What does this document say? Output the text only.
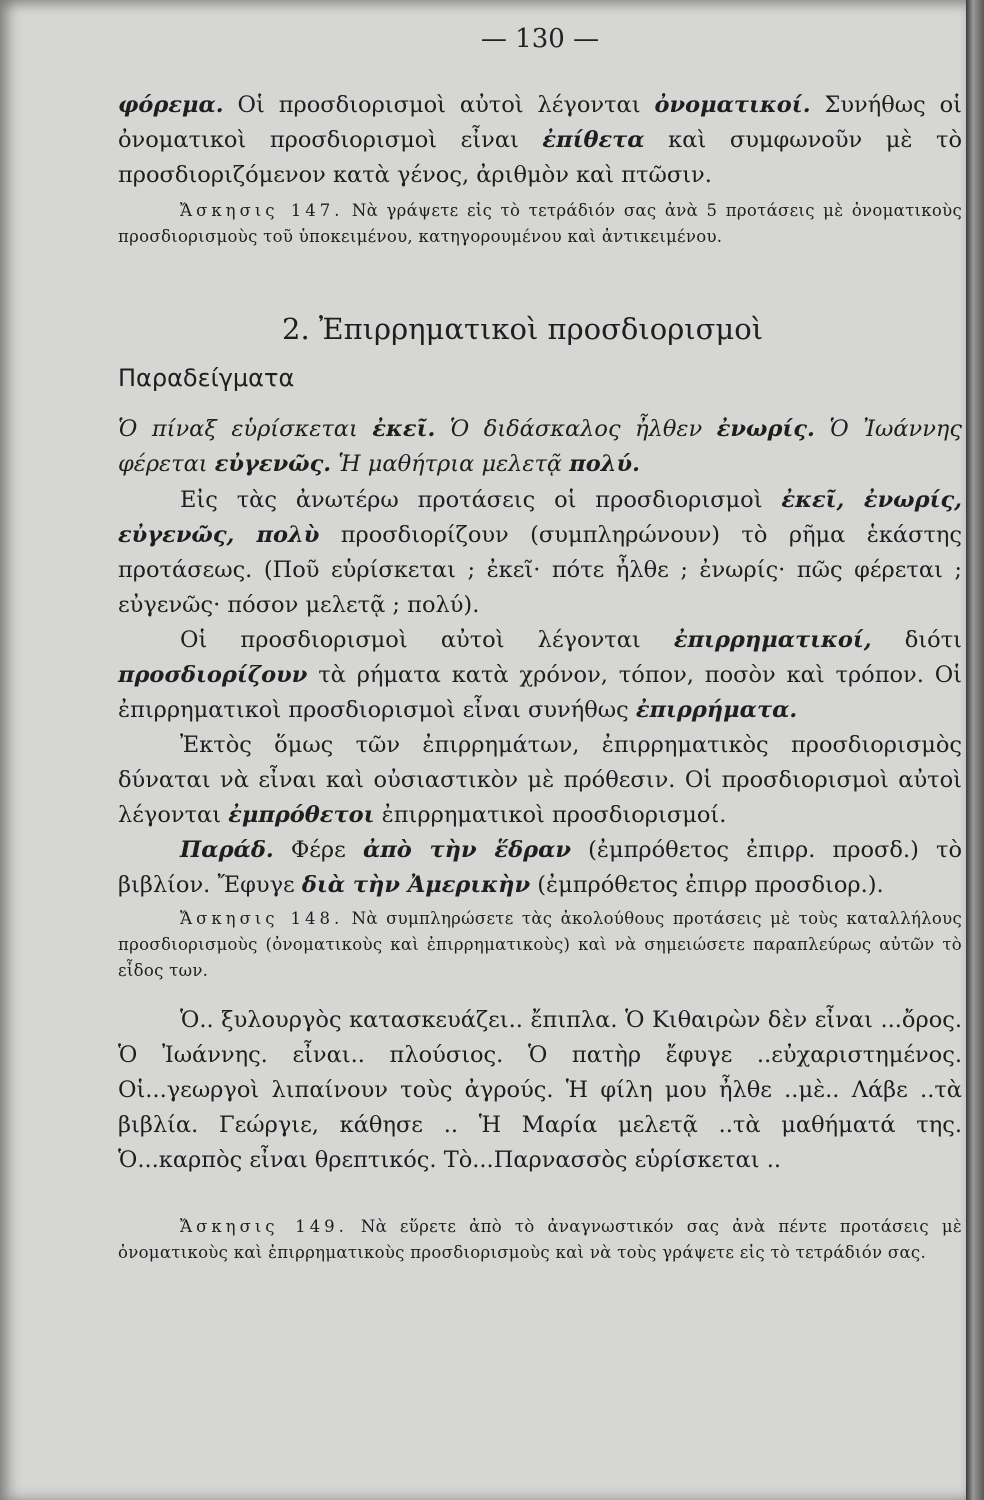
— 130 —

φόρεμα. Οἱ προσδιορισμοὶ αὐτοὶ λέγονται ὀνοματικοί. Συνήθως οἱ ὀνοματικοὶ προσδιορισμοὶ εἶναι ἐπίθετα καὶ συμφωνοῦν μὲ τὸ προσδιοριζόμενον κατὰ γένος, ἀριθμὸν καὶ πτῶσιν.

Ἄσκησις 147. Νὰ γράψετε εἰς τὸ τετράδιόν σας ἀνὰ 5 προτάσεις μὲ ὀνοματικοὺς προσδιορισμοὺς τοῦ ὑποκειμένου, κατηγορουμένου καὶ ἀντικειμένου.

2. Ἐπιρρηματικοὶ προσδιορισμοὶ
Παραδείγματα

Ὁ πίναξ εὑρίσκεται ἐκεῖ. Ὁ διδάσκαλος ἦλθεν ἐνωρίς. Ὁ Ἰωάννης φέρεται εὐγενῶς. Ἡ μαθήτρια μελετᾷ πολύ.

Εἰς τὰς ἀνωτέρω προτάσεις οἱ προσδιορισμοὶ ἐκεῖ, ἐνωρίς, εὐγενῶς, πολὺ προσδιορίζουν (συμπληρώνουν) τὸ ρῆμα ἑκάστης προτάσεως. (Ποῦ εὑρίσκεται ; ἐκεῖ· πότε ἦλθε ; ἐνωρίς· πῶς φέρεται ; εὐγενῶς· πόσον μελετᾷ ; πολύ).

Οἱ προσδιορισμοὶ αὐτοὶ λέγονται ἐπιρρηματικοί, διότι προσδιορίζουν τὰ ρήματα κατὰ χρόνον, τόπον, ποσὸν καὶ τρόπον. Οἱ ἐπιρρηματικοὶ προσδιορισμοὶ εἶναι συνήθως ἐπιρρήματα.

Ἐκτὸς ὅμως τῶν ἐπιρρημάτων, ἐπιρρηματικὸς προσδιορισμὸς δύναται νὰ εἶναι καὶ οὐσιαστικὸν μὲ πρόθεσιν. Οἱ προσδιορισμοὶ αὐτοὶ λέγονται ἐμπρόθετοι ἐπιρρηματικοὶ προσδιορισμοί.

Παράδ. Φέρε ἀπὸ τὴν ἕδραν (ἐμπρόθετος ἐπιρρ. προσδ.) τὸ βιβλίον. Ἔφυγε διὰ τὴν Ἀμερικὴν (ἐμπρόθετος ἐπιρρ προσδιορ.).

Ἄσκησις 148. Νὰ συμπληρώσετε τὰς ἀκολούθους προτάσεις μὲ τοὺς καταλλήλους προσδιορισμοὺς (ὀνοματικοὺς καὶ ἐπιρρηματικοὺς) καὶ νὰ σημειώσετε παραπλεύρως αὐτῶν τὸ εἶδος των.

Ὁ.. ξυλουργὸς κατασκευάζει.. ἔπιπλα. Ὁ Κιθαιρὼν δὲν εἶναι ...ὄρος. Ὁ Ἰωάννης. εἶναι.. πλούσιος. Ὁ πατὴρ ἔφυγε ..εὐχαριστημένος. Οἱ...γεωργοὶ λιπαίνουν τοὺς ἀγρούς. Ἡ φίλη μου ἦλθε ..μὲ.. Λάβε ..τὰ βιβλία. Γεώργιε, κάθησε .. Ἡ Μαρία μελετᾷ ..τὰ μαθήματά της. Ὁ...καρπὸς εἶναι θρεπτικός. Τὸ...Παρνασσὸς εὑρίσκεται ..

Ἄσκησις 149. Νὰ εὕρετε ἀπὸ τὸ ἀναγνωστικόν σας ἀνὰ πέντε προτάσεις μὲ ὀνοματικοὺς καὶ ἐπιρρηματικοὺς προσδιορισμοὺς καὶ νὰ τοὺς γράψετε εἰς τὸ τετράδιόν σας.
